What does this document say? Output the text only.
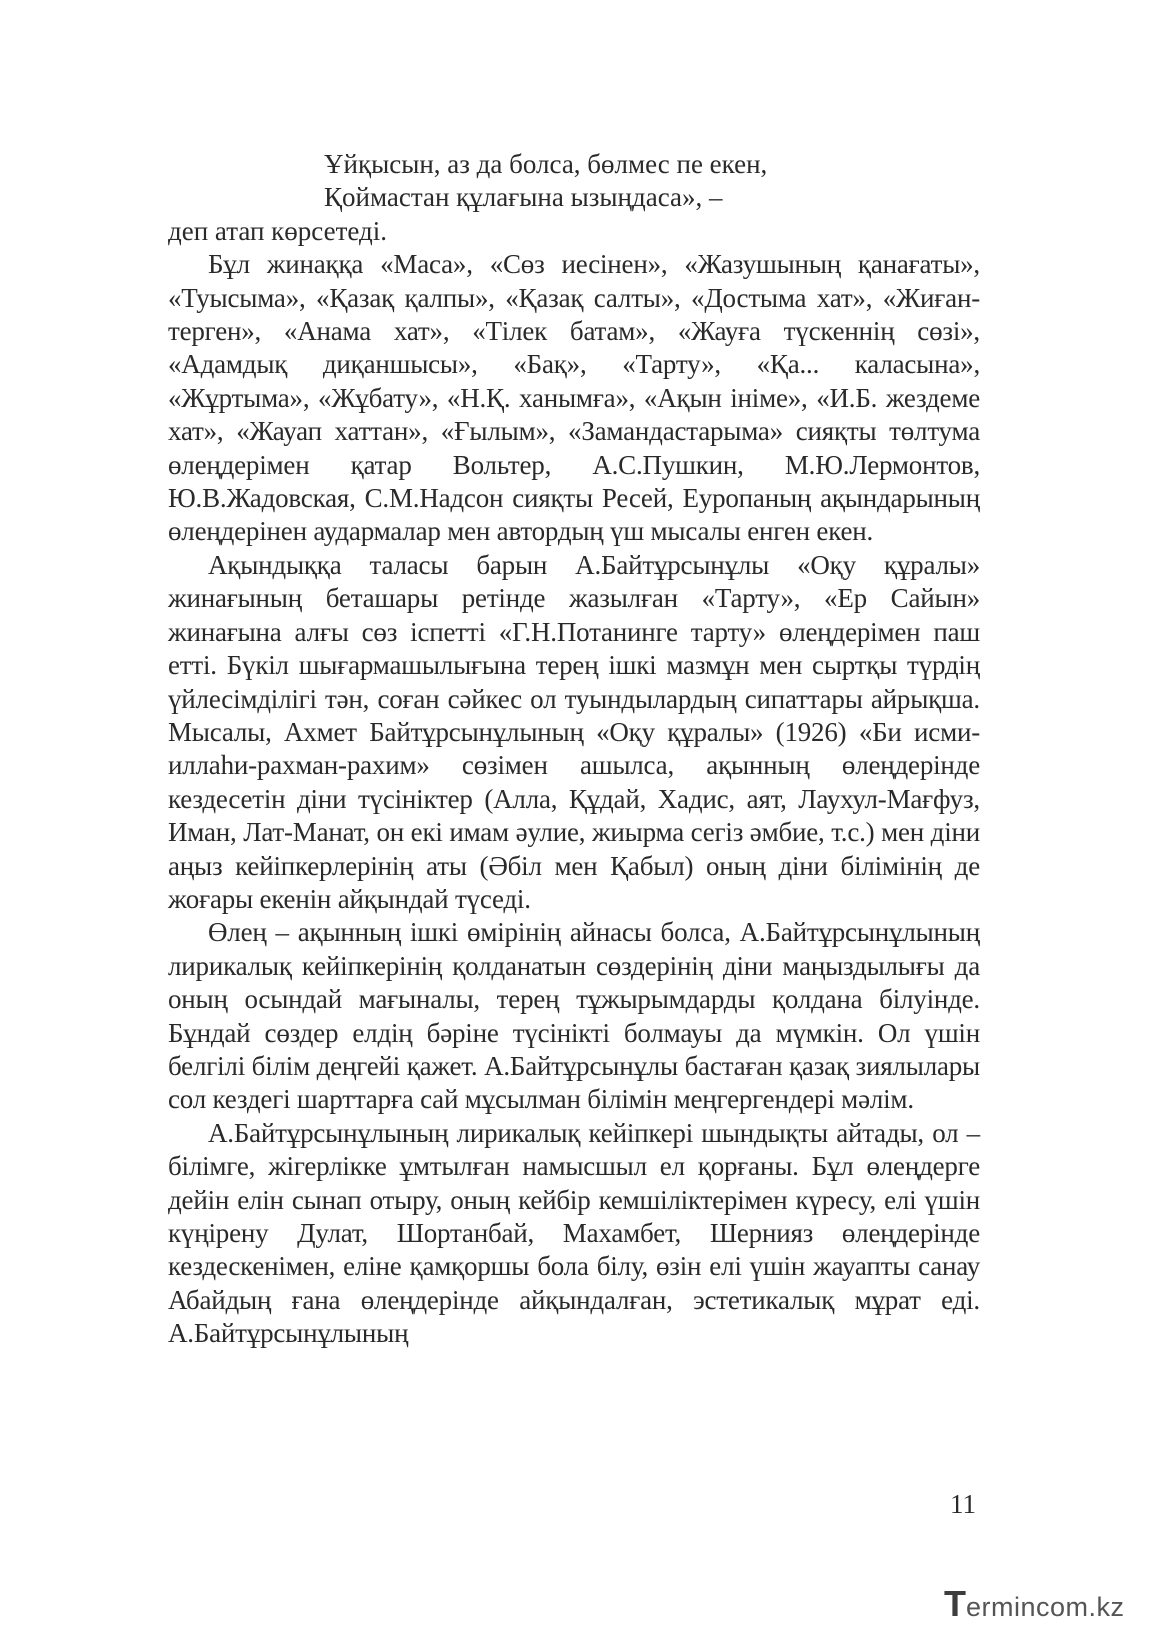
Ұйқысын, аз да болса, бөлмес пе екен,
Қоймастан құлағына ызыңдаса», –

деп атап көрсетеді.

Бұл жинаққа «Маса», «Сөз иесінен», «Жазушының қанағаты», «Туысыма», «Қазақ қалпы», «Қазақ салты», «Достыма хат», «Жиған-терген», «Анама хат», «Тілек батам», «Жауға түскеннің сөзі», «Адамдық диқаншысы», «Бақ», «Тарту», «Қа... каласына», «Жұртыма», «Жұбату», «Н.Қ. ханымға», «Ақын ініме», «И.Б. жездеме хат», «Жауап хаттан», «Ғылым», «Замандастарыма» сияқты төлтума өлеңдерімен қатар Вольтер, А.С.Пушкин, М.Ю.Лермонтов, Ю.В.Жадовская, С.М.Надсон сияқты Ресей, Еуропаның ақындарының өлеңдерінен аудармалар мен автордың үш мысалы енген екен.

Ақындыққа таласы барын А.Байтұрсынұлы «Оқу құралы» жинағының беташары ретінде жазылған «Тарту», «Ер Сайын» жинағына алғы сөз іспетті «Г.Н.Потанинге тарту» өлеңдерімен паш етті. Бүкіл шығармашылығына терең ішкі мазмұн мен сыртқы түрдің үйлесімділігі тән, соған сәйкес ол туындылардың сипаттары айрықша. Мысалы, Ахмет Байтұрсынұлының «Оқу құралы» (1926) «Би исми-иллаһи-рахман-рахим» сөзімен ашылса, ақынның өлеңдерінде кездесетін діни түсініктер (Алла, Құдай, Хадис, аят, Лаухул-Мағфуз, Иман, Лат-Манат, он екі имам әулие, жиырма сегіз әмбие, т.с.) мен діни аңыз кейіпкерлерінің аты (Әбіл мен Қабыл) оның діни білімінің де жоғары екенін айқындай түседі.

Өлең – ақынның ішкі өмірінің айнасы болса, А.Байтұрсынұлының лирикалық кейіпкерінің қолданатын сөздерінің діни маңыздылығы да оның осындай мағыналы, терең тұжырымдарды қолдана білуінде. Бұндай сөздер елдің бәріне түсінікті болмауы да мүмкін. Ол үшін белгілі білім деңгейі қажет. А.Байтұрсынұлы бастаған қазақ зиялылары сол кездегі шарттарға сай мұсылман білімін меңгергендері мәлім.

А.Байтұрсынұлының лирикалық кейіпкері шындықты айтады, ол – білімге, жігерлікке ұмтылған намысшыл ел қорғаны. Бұл өлеңдерге дейін елін сынап отыру, оның кейбір кемшіліктерімен күресу, елі үшін күңірену Дулат, Шортанбай, Махамбет, Шернияз өлеңдерінде кездескенімен, еліне қамқоршы бола білу, өзін елі үшін жауапты санау Абайдың ғана өлеңдерінде айқындалған, эстетикалық мұрат еді. А.Байтұрсынұлының

11
T ermincom.kz
